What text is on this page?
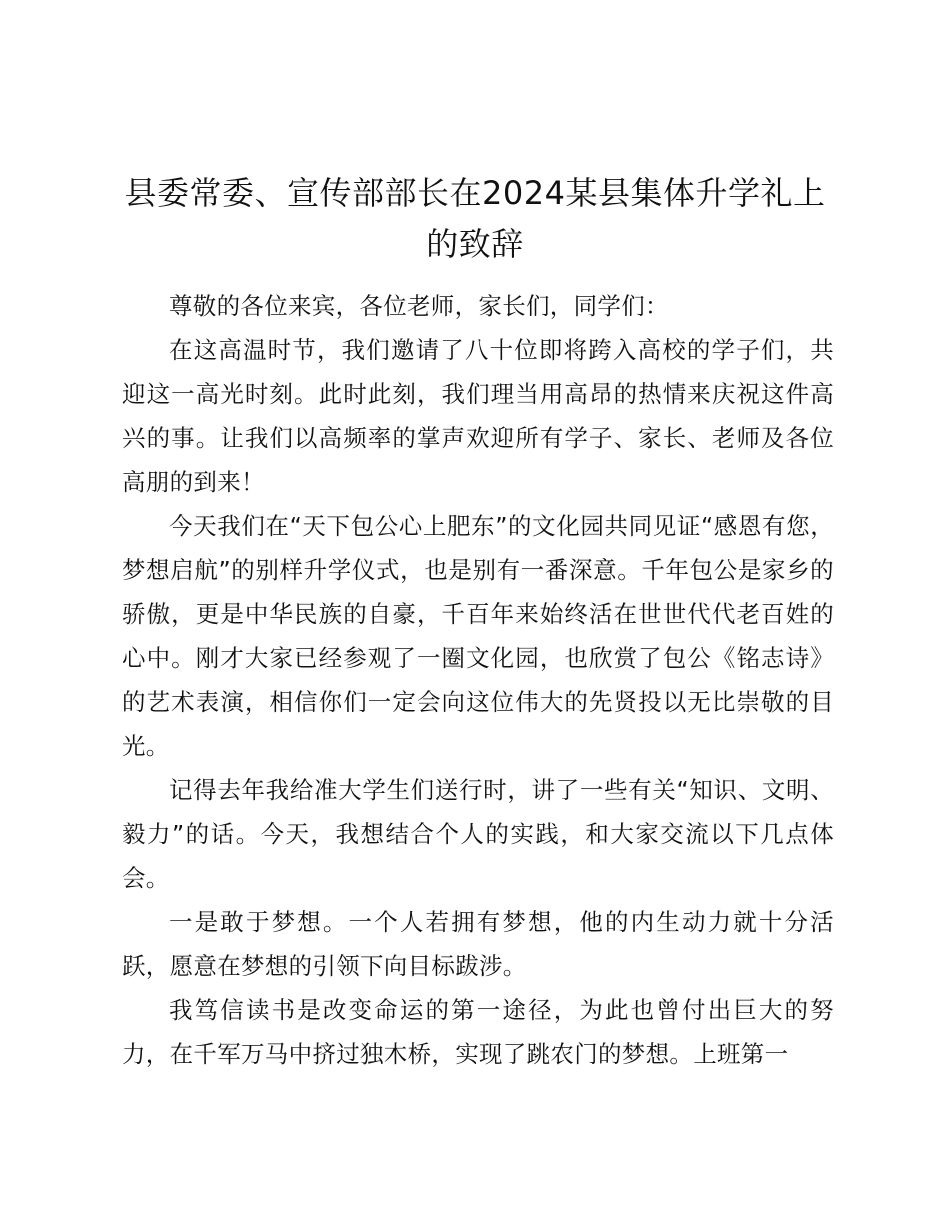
县委常委、宣传部部长在2024某县集体升学礼上的致辞

尊敬的各位来宾，各位老师，家长们，同学们：

在这高温时节，我们邀请了八十位即将跨入高校的学子们，共迎这一高光时刻。此时此刻，我们理当用高昂的热情来庆祝这件高兴的事。让我们以高频率的掌声欢迎所有学子、家长、老师及各位高朋的到来！

今天我们在“天下包公心上肥东”的文化园共同见证“感恩有您，梦想启航”的别样升学仪式，也是别有一番深意。千年包公是家乡的骄傲，更是中华民族的自豪，千百年来始终活在世世代代老百姓的心中。刚才大家已经参观了一圈文化园，也欣赏了包公《铭志诗》的艺术表演，相信你们一定会向这位伟大的先贤投以无比崇敬的目光。

记得去年我给准大学生们送行时，讲了一些有关“知识、文明、毅力”的话。今天，我想结合个人的实践，和大家交流以下几点体会。

一是敢于梦想。一个人若拥有梦想，他的内生动力就十分活跃，愿意在梦想的引领下向目标跋涉。

我笃信读书是改变命运的第一途径，为此也曾付出巨大的努力，在千军万马中挤过独木桥，实现了跳农门的梦想。上班第一
